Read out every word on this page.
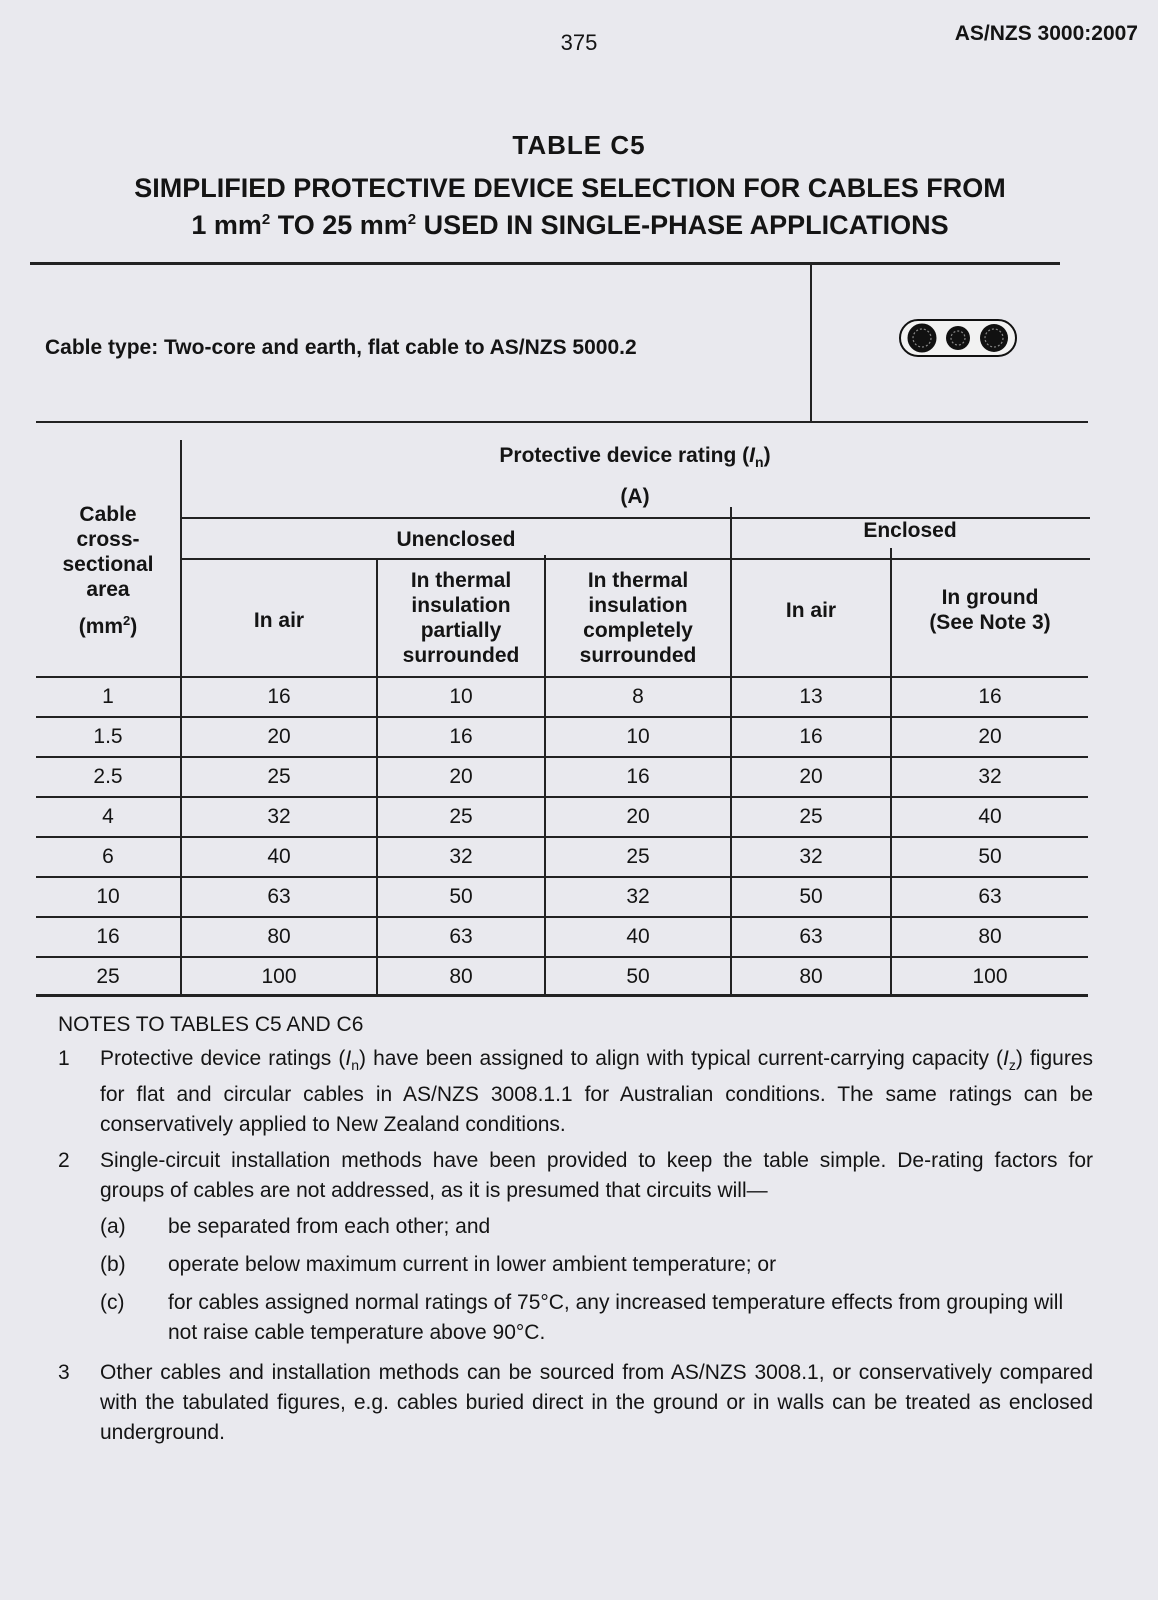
375	AS/NZS 3000:2007
TABLE C5
SIMPLIFIED PROTECTIVE DEVICE SELECTION FOR CABLES FROM
1 $mm^2$ TO 25 $mm^2$ USED IN SINGLE-PHASE APPLICATIONS
Cable type: Two-core and earth, flat cable to AS/NZS 5000.2
Cable
cross-
sectional
area
$(mm^2)$
Protective device rating $(I_n)$
(A)
Unenclosed	Enclosed
In air
In thermal
insulation
partially
surrounded
In thermal
insulation
completely
surrounded
In air
In ground
(See Note 3)
1	16	10	8	13	16
1.5	20	16	10	16	20
2.5	25	20	16	20	32
4	32	25	20	25	40
6	40	32	25	32	50
10	63	50	32	50	63
16	80	63	40	63	80
25	100	80	50	80	100
NOTES TO TABLES C5 AND C6
1	Protective device ratings $(I_n)$ have been assigned to align with typical current-carrying capacity $(I_z)$ figures for flat and circular cables in AS/NZS 3008.1.1 for Australian conditions. The same ratings can be conservatively applied to New Zealand conditions.
2	Single-circuit installation methods have been provided to keep the table simple. De-rating factors for groups of cables are not addressed, as it is presumed that circuits will—
(a)	be separated from each other; and
(b)	operate below maximum current in lower ambient temperature; or
(c)	for cables assigned normal ratings of 75°C, any increased temperature effects from grouping will not raise cable temperature above 90°C.
3	Other cables and installation methods can be sourced from AS/NZS 3008.1, or conservatively compared with the tabulated figures, e.g. cables buried direct in the ground or in walls can be treated as enclosed underground.
